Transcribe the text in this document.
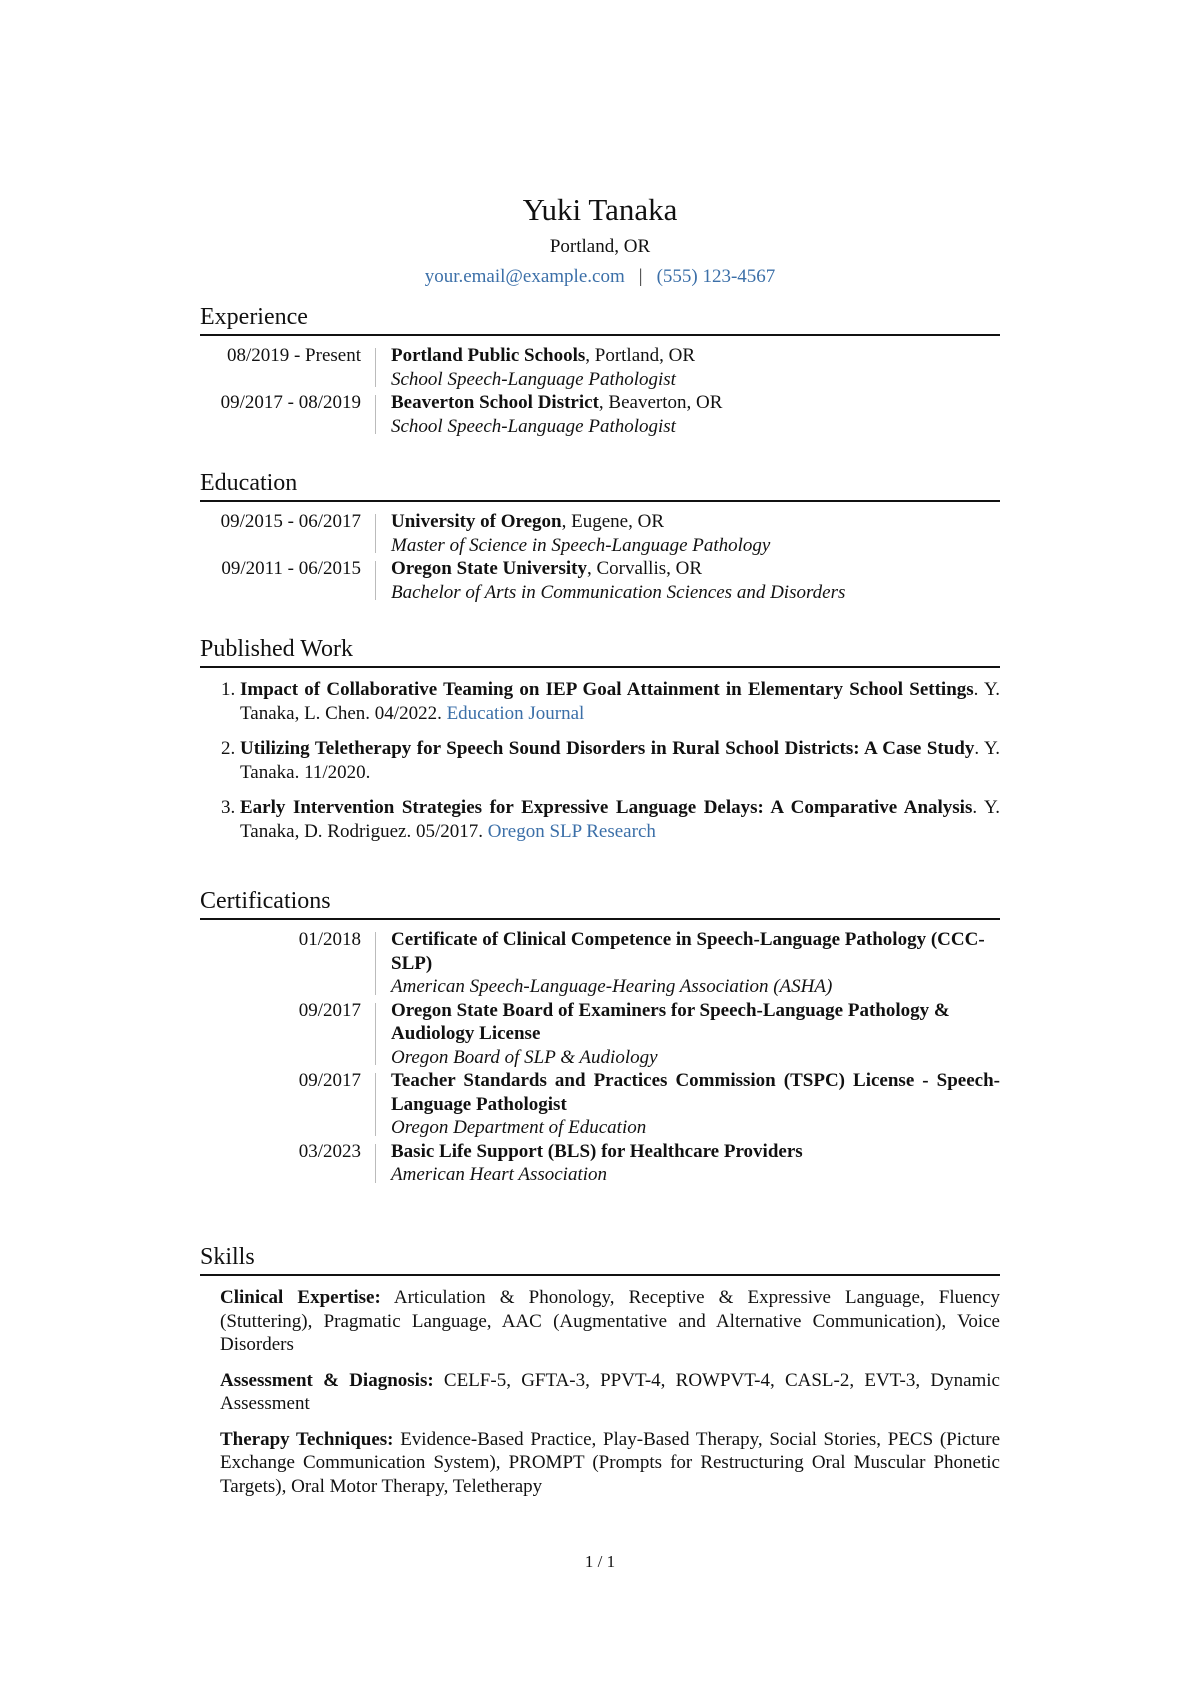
Yuki Tanaka
Portland, OR
your.email@example.com | (555) 123-4567
Experience
08/2019 - Present	Portland Public Schools, Portland, OR
School Speech-Language Pathologist
09/2017 - 08/2019	Beaverton School District, Beaverton, OR
School Speech-Language Pathologist
Education
09/2015 - 06/2017	University of Oregon, Eugene, OR
Master of Science in Speech-Language Pathology
09/2011 - 06/2015	Oregon State University, Corvallis, OR
Bachelor of Arts in Communication Sciences and Disorders
Published Work
1. Impact of Collaborative Teaming on IEP Goal Attainment in Elementary School Settings. Y. Tanaka, L. Chen. 04/2022. Education Journal
2. Utilizing Teletherapy for Speech Sound Disorders in Rural School Districts: A Case Study. Y. Tanaka. 11/2020.
3. Early Intervention Strategies for Expressive Language Delays: A Comparative Analysis. Y. Tanaka, D. Rodriguez. 05/2017. Oregon SLP Research
Certifications
01/2018	Certificate of Clinical Competence in Speech-Language Pathology (CCC-SLP)
American Speech-Language-Hearing Association (ASHA)
09/2017	Oregon State Board of Examiners for Speech-Language Pathology & Audiology License
Oregon Board of SLP & Audiology
09/2017	Teacher Standards and Practices Commission (TSPC) License - Speech-Language Pathologist
Oregon Department of Education
03/2023	Basic Life Support (BLS) for Healthcare Providers
American Heart Association
Skills
Clinical Expertise: Articulation & Phonology, Receptive & Expressive Language, Fluency (Stuttering), Pragmatic Language, AAC (Augmentative and Alternative Communication), Voice Disorders
Assessment & Diagnosis: CELF-5, GFTA-3, PPVT-4, ROWPVT-4, CASL-2, EVT-3, Dynamic Assessment
Therapy Techniques: Evidence-Based Practice, Play-Based Therapy, Social Stories, PECS (Picture Exchange Communication System), PROMPT (Prompts for Restructuring Oral Muscular Phonetic Targets), Oral Motor Therapy, Teletherapy
1 / 1
